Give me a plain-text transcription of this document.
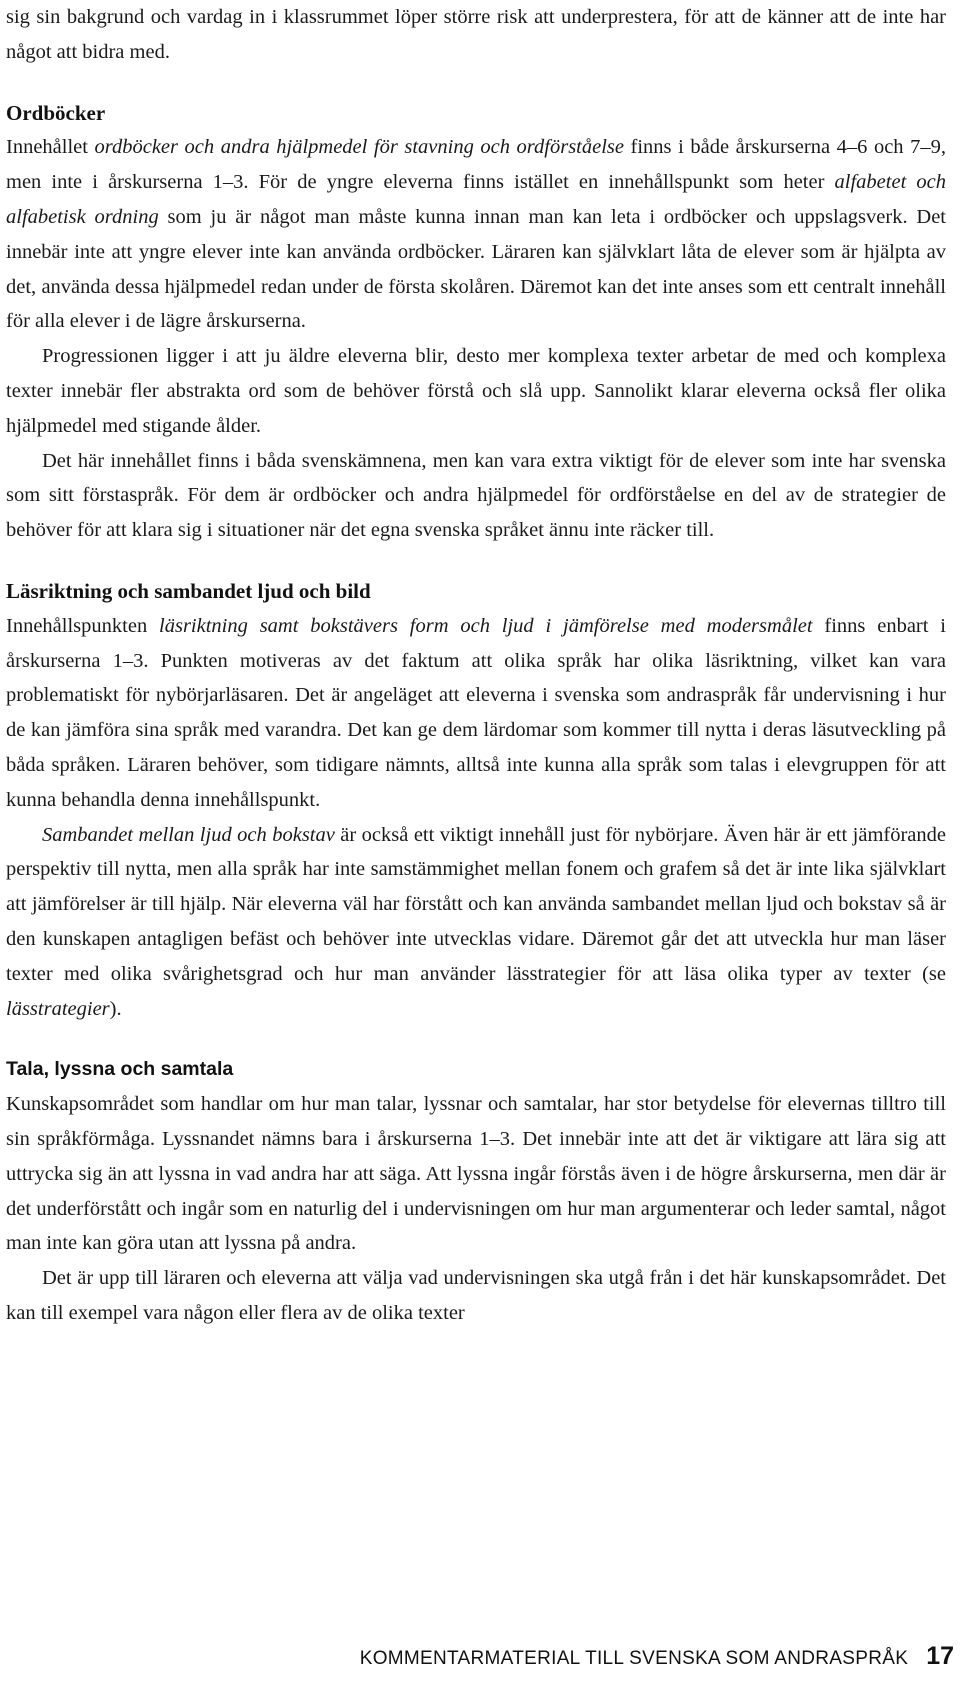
sig sin bakgrund och vardag in i klassrummet löper större risk att underprestera, för att de känner att de inte har något att bidra med.

Ordböcker

Innehållet ordböcker och andra hjälpmedel för stavning och ordförståelse finns i både årskurserna 4–6 och 7–9, men inte i årskurserna 1–3. För de yngre eleverna finns istället en innehållspunkt som heter alfabetet och alfabetisk ordning som ju är något man måste kunna innan man kan leta i ordböcker och uppslagsverk. Det innebär inte att yngre elever inte kan använda ordböcker. Läraren kan självklart låta de elever som är hjälpta av det, använda dessa hjälpmedel redan under de första skolåren. Däremot kan det inte anses som ett centralt innehåll för alla elever i de lägre årskurserna.

Progressionen ligger i att ju äldre eleverna blir, desto mer komplexa texter arbetar de med och komplexa texter innebär fler abstrakta ord som de behöver förstå och slå upp. Sannolikt klarar eleverna också fler olika hjälpmedel med stigande ålder.

Det här innehållet finns i båda svenskämnena, men kan vara extra viktigt för de elever som inte har svenska som sitt förstaspråk. För dem är ordböcker och andra hjälpmedel för ordförståelse en del av de strategier de behöver för att klara sig i situationer när det egna svenska språket ännu inte räcker till.

Läsriktning och sambandet ljud och bild

Innehållspunkten läsriktning samt bokstävers form och ljud i jämförelse med modersmålet finns enbart i årskurserna 1–3. Punkten motiveras av det faktum att olika språk har olika läsriktning, vilket kan vara problematiskt för nybörjarläsaren. Det är angeläget att eleverna i svenska som andraspråk får undervisning i hur de kan jämföra sina språk med varandra. Det kan ge dem lärdomar som kommer till nytta i deras läsutveckling på båda språken. Läraren behöver, som tidigare nämnts, alltså inte kunna alla språk som talas i elevgruppen för att kunna behandla denna innehållspunkt.

Sambandet mellan ljud och bokstav är också ett viktigt innehåll just för nybörjare. Även här är ett jämförande perspektiv till nytta, men alla språk har inte samstämmighet mellan fonem och grafem så det är inte lika självklart att jämförelser är till hjälp. När eleverna väl har förstått och kan använda sambandet mellan ljud och bokstav så är den kunskapen antagligen befäst och behöver inte utvecklas vidare. Däremot går det att utveckla hur man läser texter med olika svårighetsgrad och hur man använder lässtrategier för att läsa olika typer av texter (se lässtrategier).

Tala, lyssna och samtala

Kunskapsområdet som handlar om hur man talar, lyssnar och samtalar, har stor betydelse för elevernas tilltro till sin språkförmåga. Lyssnandet nämns bara i årskurserna 1–3. Det innebär inte att det är viktigare att lära sig att uttrycka sig än att lyssna in vad andra har att säga. Att lyssna ingår förstås även i de högre årskurserna, men där är det underförstått och ingår som en naturlig del i undervisningen om hur man argumenterar och leder samtal, något man inte kan göra utan att lyssna på andra.

Det är upp till läraren och eleverna att välja vad undervisningen ska utgå från i det här kunskapsområdet. Det kan till exempel vara någon eller flera av de olika texter

KOMMENTARMATERIAL TILL SVENSKA SOM ANDRASPRÅK 17
